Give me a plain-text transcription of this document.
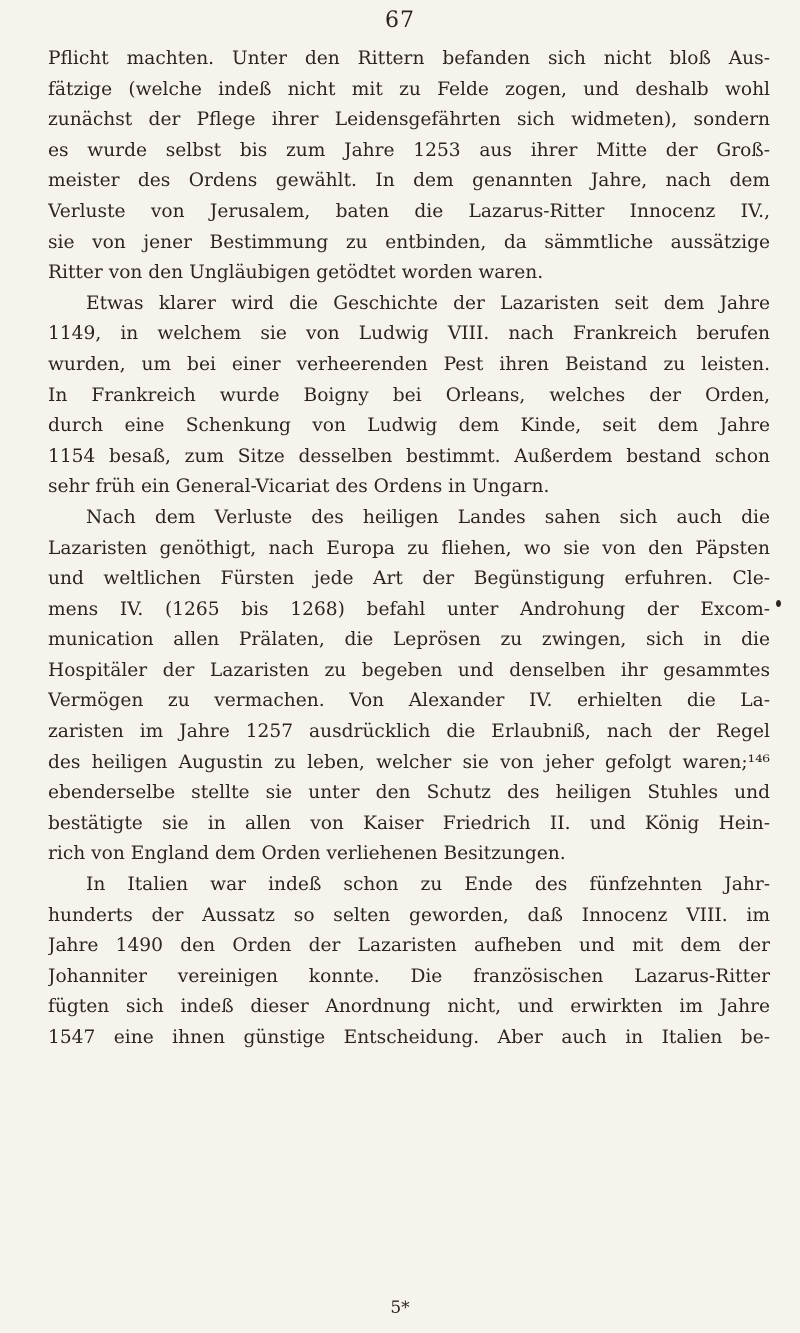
67

Pflicht machten. Unter den Rittern befanden sich nicht bloß Aus-
fätzige (welche indeß nicht mit zu Felde zogen, und deshalb wohl
zunächst der Pflege ihrer Leidensgefährten sich widmeten), sondern
es wurde selbst bis zum Jahre 1253 aus ihrer Mitte der Groß-
meister des Ordens gewählt. In dem genannten Jahre, nach dem
Verluste von Jerusalem, baten die Lazarus-Ritter Innocenz IV.,
sie von jener Bestimmung zu entbinden, da sämmtliche aussätzige
Ritter von den Ungläubigen getödtet worden waren.

Etwas klarer wird die Geschichte der Lazaristen seit dem Jahre
1149, in welchem sie von Ludwig VIII. nach Frankreich berufen
wurden, um bei einer verheerenden Pest ihren Beistand zu leisten.
In Frankreich wurde Boigny bei Orleans, welches der Orden,
durch eine Schenkung von Ludwig dem Kinde, seit dem Jahre
1154 besaß, zum Sitze desselben bestimmt. Außerdem bestand schon
sehr früh ein General-Vicariat des Ordens in Ungarn.

Nach dem Verluste des heiligen Landes sahen sich auch die
Lazaristen genöthigt, nach Europa zu fliehen, wo sie von den Päpsten
und weltlichen Fürsten jede Art der Begünstigung erfuhren. Cle-
mens IV. (1265 bis 1268) befahl unter Androhung der Excom-
munication allen Prälaten, die Leprösen zu zwingen, sich in die
Hospitäler der Lazaristen zu begeben und denselben ihr gesammtes
Vermögen zu vermachen. Von Alexander IV. erhielten die La-
zaristen im Jahre 1257 ausdrücklich die Erlaubniß, nach der Regel
des heiligen Augustin zu leben, welcher sie von jeher gefolgt waren;¹⁴⁶
ebenderselbe stellte sie unter den Schutz des heiligen Stuhles und
bestätigte sie in allen von Kaiser Friedrich II. und König Hein-
rich von England dem Orden verliehenen Besitzungen.

In Italien war indeß schon zu Ende des fünfzehnten Jahr-
hunderts der Aussatz so selten geworden, daß Innocenz VIII. im
Jahre 1490 den Orden der Lazaristen aufheben und mit dem der
Johanniter vereinigen konnte. Die französischen Lazarus-Ritter
fügten sich indeß dieser Anordnung nicht, und erwirkten im Jahre
1547 eine ihnen günstige Entscheidung. Aber auch in Italien be-

5*
